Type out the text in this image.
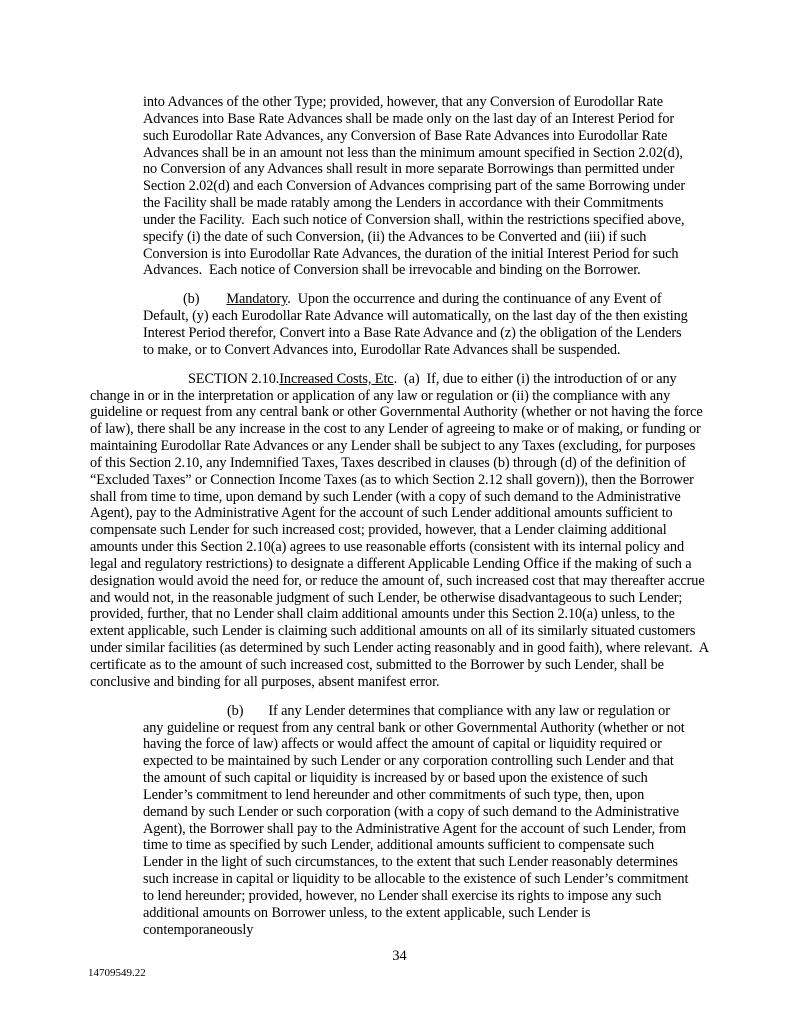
into Advances of the other Type; provided, however, that any Conversion of Eurodollar Rate Advances into Base Rate Advances shall be made only on the last day of an Interest Period for such Eurodollar Rate Advances, any Conversion of Base Rate Advances into Eurodollar Rate Advances shall be in an amount not less than the minimum amount specified in Section 2.02(d), no Conversion of any Advances shall result in more separate Borrowings than permitted under Section 2.02(d) and each Conversion of Advances comprising part of the same Borrowing under the Facility shall be made ratably among the Lenders in accordance with their Commitments under the Facility.  Each such notice of Conversion shall, within the restrictions specified above, specify (i) the date of such Conversion, (ii) the Advances to be Converted and (iii) if such Conversion is into Eurodollar Rate Advances, the duration of the initial Interest Period for such Advances.  Each notice of Conversion shall be irrevocable and binding on the Borrower.

(b) Mandatory.  Upon the occurrence and during the continuance of any Event of Default, (y) each Eurodollar Rate Advance will automatically, on the last day of the then existing Interest Period therefor, Convert into a Base Rate Advance and (z) the obligation of the Lenders to make, or to Convert Advances into, Eurodollar Rate Advances shall be suspended.

SECTION 2.10.Increased Costs, Etc.  (a)  If, due to either (i) the introduction of or any change in or in the interpretation or application of any law or regulation or (ii) the compliance with any guideline or request from any central bank or other Governmental Authority (whether or not having the force of law), there shall be any increase in the cost to any Lender of agreeing to make or of making, or funding or maintaining Eurodollar Rate Advances or any Lender shall be subject to any Taxes (excluding, for purposes of this Section 2.10, any Indemnified Taxes, Taxes described in clauses (b) through (d) of the definition of “Excluded Taxes” or Connection Income Taxes (as to which Section 2.12 shall govern)), then the Borrower shall from time to time, upon demand by such Lender (with a copy of such demand to the Administrative Agent), pay to the Administrative Agent for the account of such Lender additional amounts sufficient to compensate such Lender for such increased cost; provided, however, that a Lender claiming additional amounts under this Section 2.10(a) agrees to use reasonable efforts (consistent with its internal policy and legal and regulatory restrictions) to designate a different Applicable Lending Office if the making of such a designation would avoid the need for, or reduce the amount of, such increased cost that may thereafter accrue and would not, in the reasonable judgment of such Lender, be otherwise disadvantageous to such Lender; provided, further, that no Lender shall claim additional amounts under this Section 2.10(a) unless, to the extent applicable, such Lender is claiming such additional amounts on all of its similarly situated customers under similar facilities (as determined by such Lender acting reasonably and in good faith), where relevant.  A certificate as to the amount of such increased cost, submitted to the Borrower by such Lender, shall be conclusive and binding for all purposes, absent manifest error.

(b) If any Lender determines that compliance with any law or regulation or any guideline or request from any central bank or other Governmental Authority (whether or not having the force of law) affects or would affect the amount of capital or liquidity required or expected to be maintained by such Lender or any corporation controlling such Lender and that the amount of such capital or liquidity is increased by or based upon the existence of such Lender’s commitment to lend hereunder and other commitments of such type, then, upon demand by such Lender or such corporation (with a copy of such demand to the Administrative Agent), the Borrower shall pay to the Administrative Agent for the account of such Lender, from time to time as specified by such Lender, additional amounts sufficient to compensate such Lender in the light of such circumstances, to the extent that such Lender reasonably determines such increase in capital or liquidity to be allocable to the existence of such Lender’s commitment to lend hereunder; provided, however, no Lender shall exercise its rights to impose any such additional amounts on Borrower unless, to the extent applicable, such Lender is contemporaneously

34
14709549.22
